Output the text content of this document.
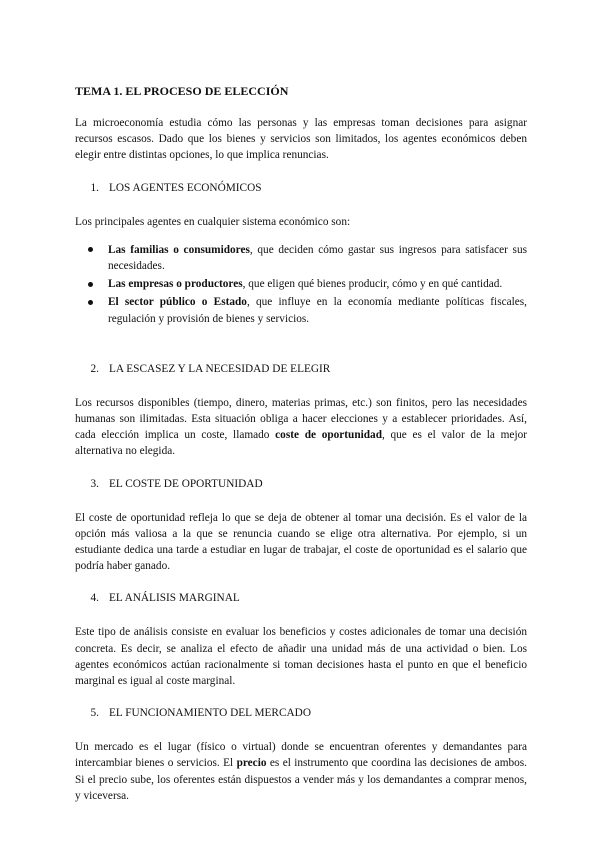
TEMA 1. EL PROCESO DE ELECCIÓN

La microeconomía estudia cómo las personas y las empresas toman decisiones para asignar recursos escasos. Dado que los bienes y servicios son limitados, los agentes económicos deben elegir entre distintas opciones, lo que implica renuncias.

1. LOS AGENTES ECONÓMICOS

Los principales agentes en cualquier sistema económico son:

Las familias o consumidores, que deciden cómo gastar sus ingresos para satisfacer sus necesidades.
Las empresas o productores, que eligen qué bienes producir, cómo y en qué cantidad.
El sector público o Estado, que influye en la economía mediante políticas fiscales, regulación y provisión de bienes y servicios.
2. LA ESCASEZ Y LA NECESIDAD DE ELEGIR

Los recursos disponibles (tiempo, dinero, materias primas, etc.) son finitos, pero las necesidades humanas son ilimitadas. Esta situación obliga a hacer elecciones y a establecer prioridades. Así, cada elección implica un coste, llamado coste de oportunidad, que es el valor de la mejor alternativa no elegida.

3. EL COSTE DE OPORTUNIDAD

El coste de oportunidad refleja lo que se deja de obtener al tomar una decisión. Es el valor de la opción más valiosa a la que se renuncia cuando se elige otra alternativa. Por ejemplo, si un estudiante dedica una tarde a estudiar en lugar de trabajar, el coste de oportunidad es el salario que podría haber ganado.

4. EL ANÁLISIS MARGINAL

Este tipo de análisis consiste en evaluar los beneficios y costes adicionales de tomar una decisión concreta. Es decir, se analiza el efecto de añadir una unidad más de una actividad o bien. Los agentes económicos actúan racionalmente si toman decisiones hasta el punto en que el beneficio marginal es igual al coste marginal.

5. EL FUNCIONAMIENTO DEL MERCADO

Un mercado es el lugar (físico o virtual) donde se encuentran oferentes y demandantes para intercambiar bienes o servicios. El precio es el instrumento que coordina las decisiones de ambos. Si el precio sube, los oferentes están dispuestos a vender más y los demandantes a comprar menos, y viceversa.
